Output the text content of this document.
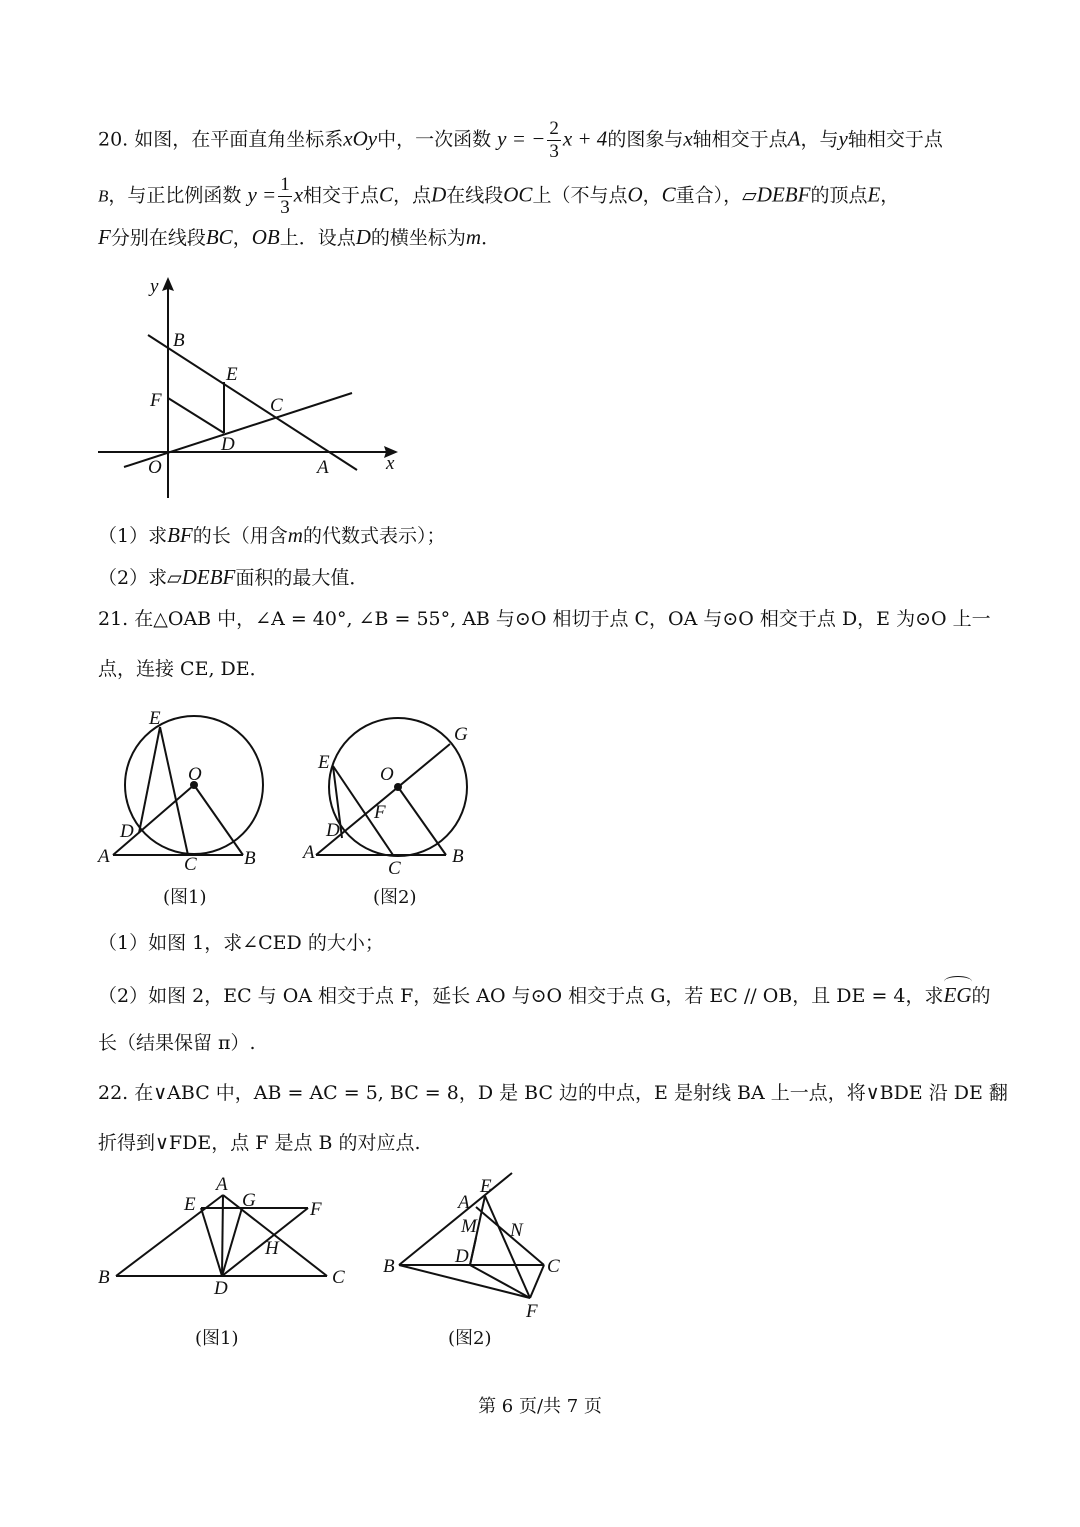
20. 如图，在平面直角坐标系xOy中，一次函数 y = − $\frac{2}{3}$ x + 4的图象与x轴相交于点A，与y轴相交于点
B，与正比例函数 $y = \frac{1}{3}$ x相交于点C，点D在线段OC上（不与点O，C重合），▱DEBF的顶点E，
F分别在线段BC，OB上．设点D的横坐标为m．
y
B
E
F	C
D
O	A	x
（1）求BF的长（用含m的代数式表示）；
（2）求▱DEBF面积的最大值．
21. 在△OAB 中，∠A = 40°, ∠B = 55°, AB 与⊙O 相切于点 C，OA 与⊙O 相交于点 D，E 为⊙O 上一
点，连接 CE, DE．
E
O
D
A	C B
(图1)
G
E
O
F
D
A
C
B
(图2)
（1）如图 1，求∠CED 的大小；
（2）如图 2，EC 与 OA 相交于点 F，延长 AO 与⊙O 相交于点 G，若 EC // OB，且 DE = 4，求EG的
长（结果保留 π）.
22. 在∨ABC 中，AB = AC = 5, BC = 8，D 是 BC 边的中点，E 是射线 BA 上一点，将∨BDE 沿 DE 翻
折得到∨FDE，点 F 是点 B 的对应点.
A
E G	F
H
B
D
C
(图1)
E
A
M N
B	D	C
F
(图2)
第 6 页/共 7 页
